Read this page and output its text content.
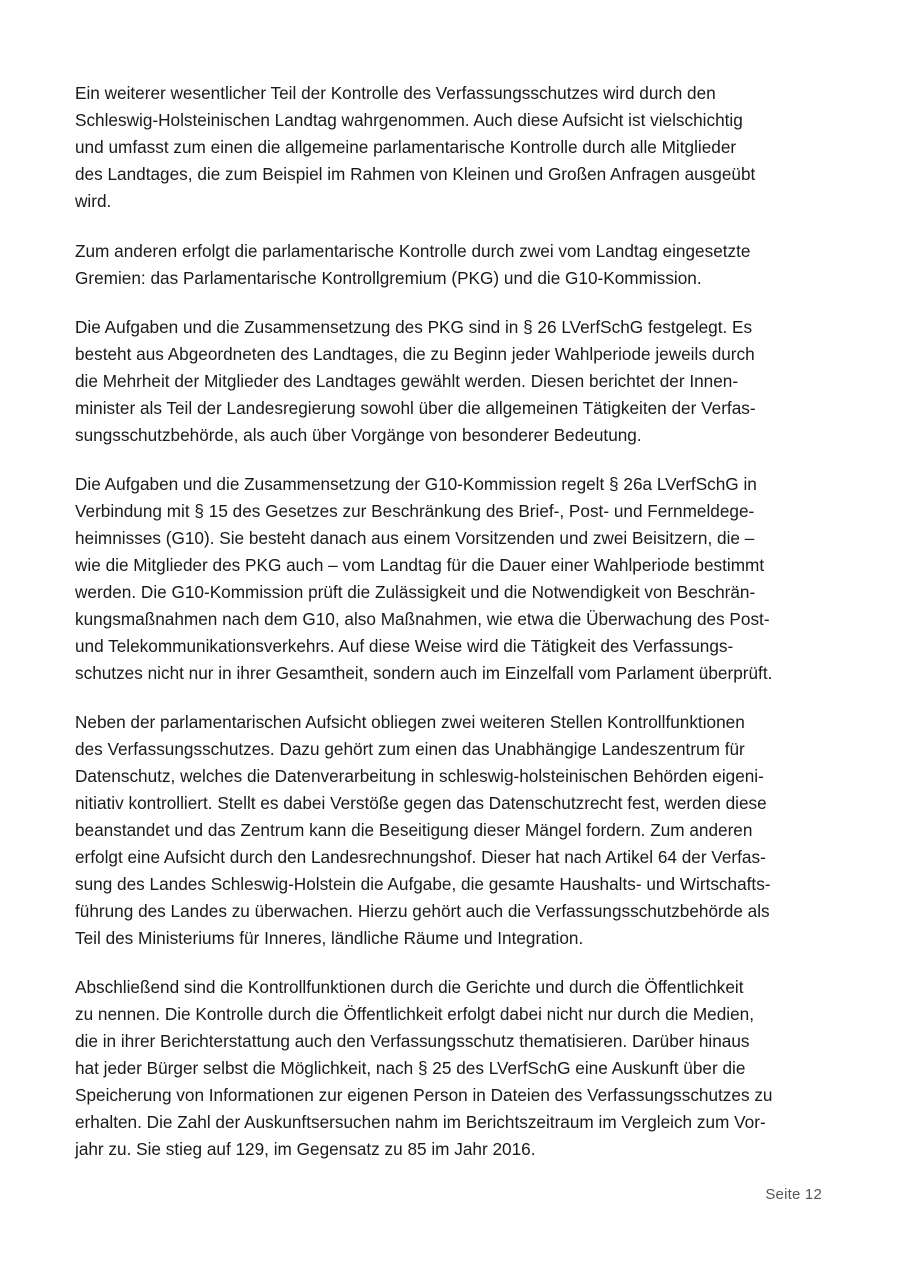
Ein weiterer wesentlicher Teil der Kontrolle des Verfassungsschutzes wird durch den
Schleswig-Holsteinischen Landtag wahrgenommen. Auch diese Aufsicht ist vielschichtig
und umfasst zum einen die allgemeine parlamentarische Kontrolle durch alle Mitglieder
des Landtages, die zum Beispiel im Rahmen von Kleinen und Großen Anfragen ausgeübt
wird.

Zum anderen erfolgt die parlamentarische Kontrolle durch zwei vom Landtag eingesetzte
Gremien: das Parlamentarische Kontrollgremium (PKG) und die G10-Kommission.

Die Aufgaben und die Zusammensetzung des PKG sind in § 26 LVerfSchG festgelegt. Es
besteht aus Abgeordneten des Landtages, die zu Beginn jeder Wahlperiode jeweils durch
die Mehrheit der Mitglieder des Landtages gewählt werden. Diesen berichtet der Innen-
minister als Teil der Landesregierung sowohl über die allgemeinen Tätigkeiten der Verfas-
sungsschutzbehörde, als auch über Vorgänge von besonderer Bedeutung.

Die Aufgaben und die Zusammensetzung der G10-Kommission regelt § 26a LVerfSchG in
Verbindung mit § 15 des Gesetzes zur Beschränkung des Brief-, Post- und Fernmeldege-
heimnisses (G10). Sie besteht danach aus einem Vorsitzenden und zwei Beisitzern, die –
wie die Mitglieder des PKG auch – vom Landtag für die Dauer einer Wahlperiode bestimmt
werden. Die G10-Kommission prüft die Zulässigkeit und die Notwendigkeit von Beschrän-
kungsmaßnahmen nach dem G10, also Maßnahmen, wie etwa die Überwachung des Post-
und Telekommunikationsverkehrs. Auf diese Weise wird die Tätigkeit des Verfassungs-
schutzes nicht nur in ihrer Gesamtheit, sondern auch im Einzelfall vom Parlament überprüft.

Neben der parlamentarischen Aufsicht obliegen zwei weiteren Stellen Kontrollfunktionen
des Verfassungsschutzes. Dazu gehört zum einen das Unabhängige Landeszentrum für
Datenschutz, welches die Datenverarbeitung in schleswig-holsteinischen Behörden eigeni-
nitiativ kontrolliert. Stellt es dabei Verstöße gegen das Datenschutzrecht fest, werden diese
beanstandet und das Zentrum kann die Beseitigung dieser Mängel fordern. Zum anderen
erfolgt eine Aufsicht durch den Landesrechnungshof. Dieser hat nach Artikel 64 der Verfas-
sung des Landes Schleswig-Holstein die Aufgabe, die gesamte Haushalts- und Wirtschafts-
führung des Landes zu überwachen. Hierzu gehört auch die Verfassungsschutzbehörde als
Teil des Ministeriums für Inneres, ländliche Räume und Integration.

Abschließend sind die Kontrollfunktionen durch die Gerichte und durch die Öffentlichkeit
zu nennen. Die Kontrolle durch die Öffentlichkeit erfolgt dabei nicht nur durch die Medien,
die in ihrer Berichterstattung auch den Verfassungsschutz thematisieren. Darüber hinaus
hat jeder Bürger selbst die Möglichkeit, nach § 25 des LVerfSchG eine Auskunft über die
Speicherung von Informationen zur eigenen Person in Dateien des Verfassungsschutzes zu
erhalten. Die Zahl der Auskunftsersuchen nahm im Berichtszeitraum im Vergleich zum Vor-
jahr zu. Sie stieg auf 129, im Gegensatz zu 85 im Jahr 2016.

Seite 12
